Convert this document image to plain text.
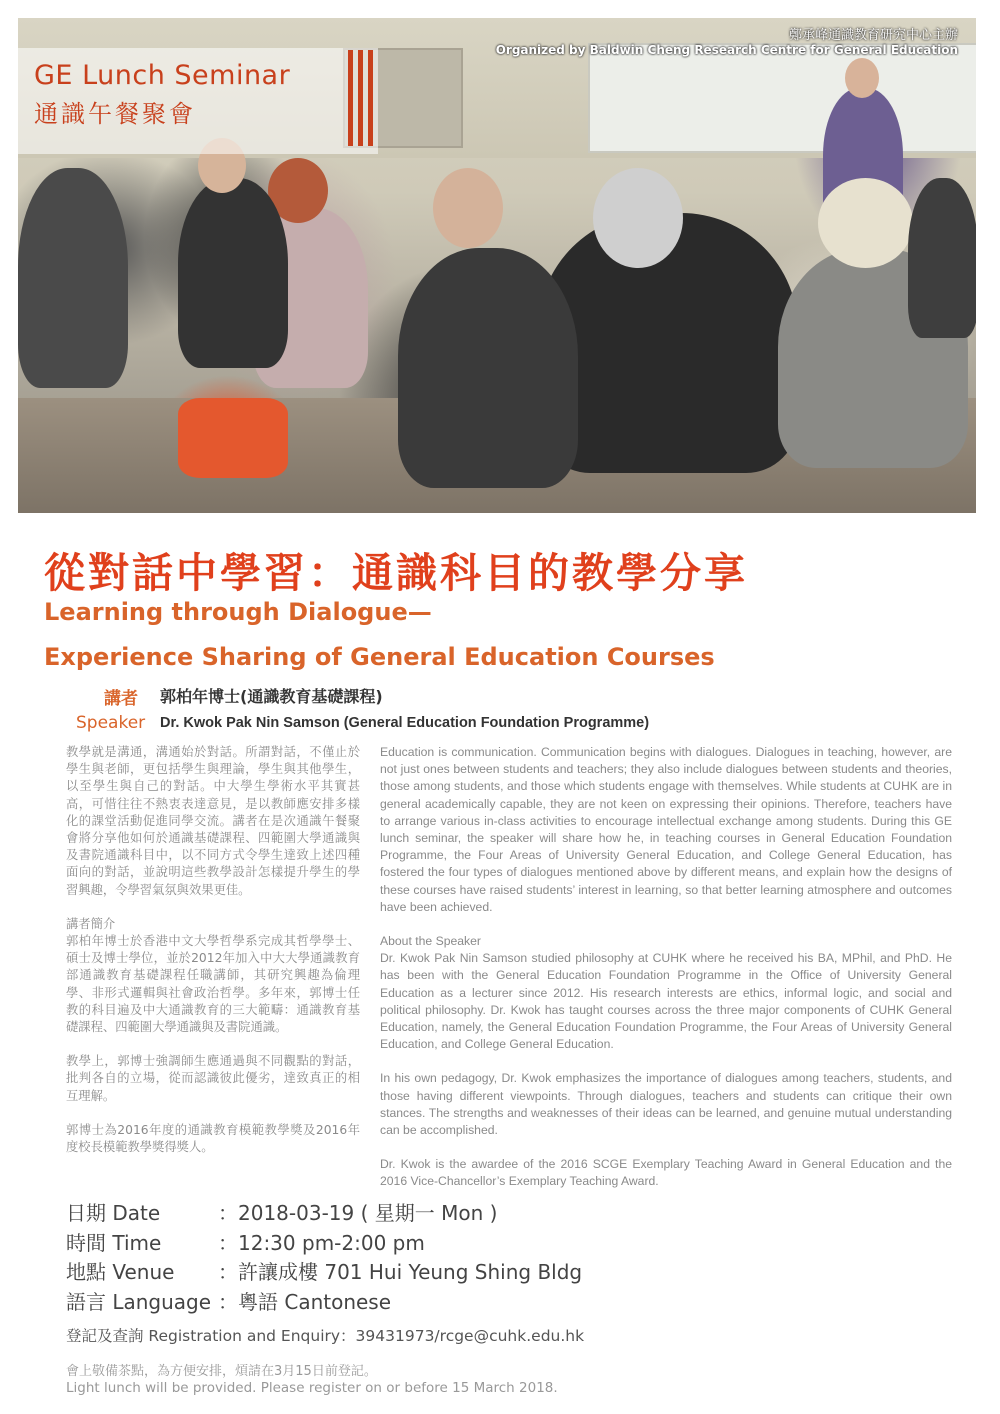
GE Lunch Seminar
通識午餐聚會
鄭承峰通識教育研究中心主辦
Organized by Baldwin Cheng Research Centre for General Education
從對話中學習：通識科目的教學分享
Learning through Dialogue—
Experience Sharing of General Education Courses
講者 郭柏年博士(通識教育基礎課程)
Speaker Dr. Kwok Pak Nin Samson (General Education Foundation Programme)

教學就是溝通，溝通始於對話。所謂對話，不僅止於學生與老師，更包括學生與理論，學生與其他學生，以至學生與自己的對話。中大學生學術水平其實甚高，可惜往往不熱衷表達意見，是以教師應安排多樣化的課堂活動促進同學交流。講者在是次通識午餐聚會將分享他如何於通識基礎課程、四範圍大學通識與及書院通識科目中，以不同方式令學生達致上述四種面向的對話，並說明這些教學設計怎樣提升學生的學習興趣，令學習氣氛與效果更佳。

講者簡介

郭柏年博士於香港中文大學哲學系完成其哲學學士、碩士及博士學位，並於2012年加入中大大學通識教育部通識教育基礎課程任職講師，其研究興趣為倫理學、非形式邏輯與社會政治哲學。多年來，郭博士任教的科目遍及中大通識教育的三大範疇：通識教育基礎課程、四範圍大學通識與及書院通識。

教學上，郭博士強調師生應通過與不同觀點的對話，批判各自的立場，從而認識彼此優劣，達致真正的相互理解。

郭博士為2016年度的通識教育模範教學獎及2016年度校長模範教學獎得獎人。

Education is communication. Communication begins with dialogues. Dialogues in teaching, however, are not just ones between students and teachers; they also include dialogues between students and theories, those among students, and those which students engage with themselves. While students at CUHK are in general academically capable, they are not keen on expressing their opinions. Therefore, teachers have to arrange various in-class activities to encourage intellectual exchange among students. During this GE lunch seminar, the speaker will share how he, in teaching courses in General Education Foundation Programme, the Four Areas of University General Education, and College General Education, has fostered the four types of dialogues mentioned above by different means, and explain how the designs of these courses have raised students’ interest in learning, so that better learning atmosphere and outcomes have been achieved.

About the Speaker

Dr. Kwok Pak Nin Samson studied philosophy at CUHK where he received his BA, MPhil, and PhD. He has been with the General Education Foundation Programme in the Office of University General Education as a lecturer since 2012. His research interests are ethics, informal logic, and social and political philosophy. Dr. Kwok has taught courses across the three major components of CUHK General Education, namely, the General Education Foundation Programme, the Four Areas of University General Education, and College General Education.

In his own pedagogy, Dr. Kwok emphasizes the importance of dialogues among teachers, students, and those having different viewpoints. Through dialogues, teachers and students can critique their own stances. The strengths and weaknesses of their ideas can be learned, and genuine mutual understanding can be accomplished.

Dr. Kwok is the awardee of the 2016 SCGE Exemplary Teaching Award in General Education and the 2016 Vice-Chancellor’s Exemplary Teaching Award.

日期 Date	：2018-03-19 ( 星期一 Mon )
時間 Time	：12:30 pm-2:00 pm
地點 Venue ：許讓成樓 701 Hui Yeung Shing Bldg
語言 Language ：粵語 Cantonese
登記及查詢 Registration and Enquiry：39431973/rcge@cuhk.edu.hk
會上敬備茶點，為方便安排，煩請在3月15日前登記。
Light lunch will be provided. Please register on or before 15 March 2018.
